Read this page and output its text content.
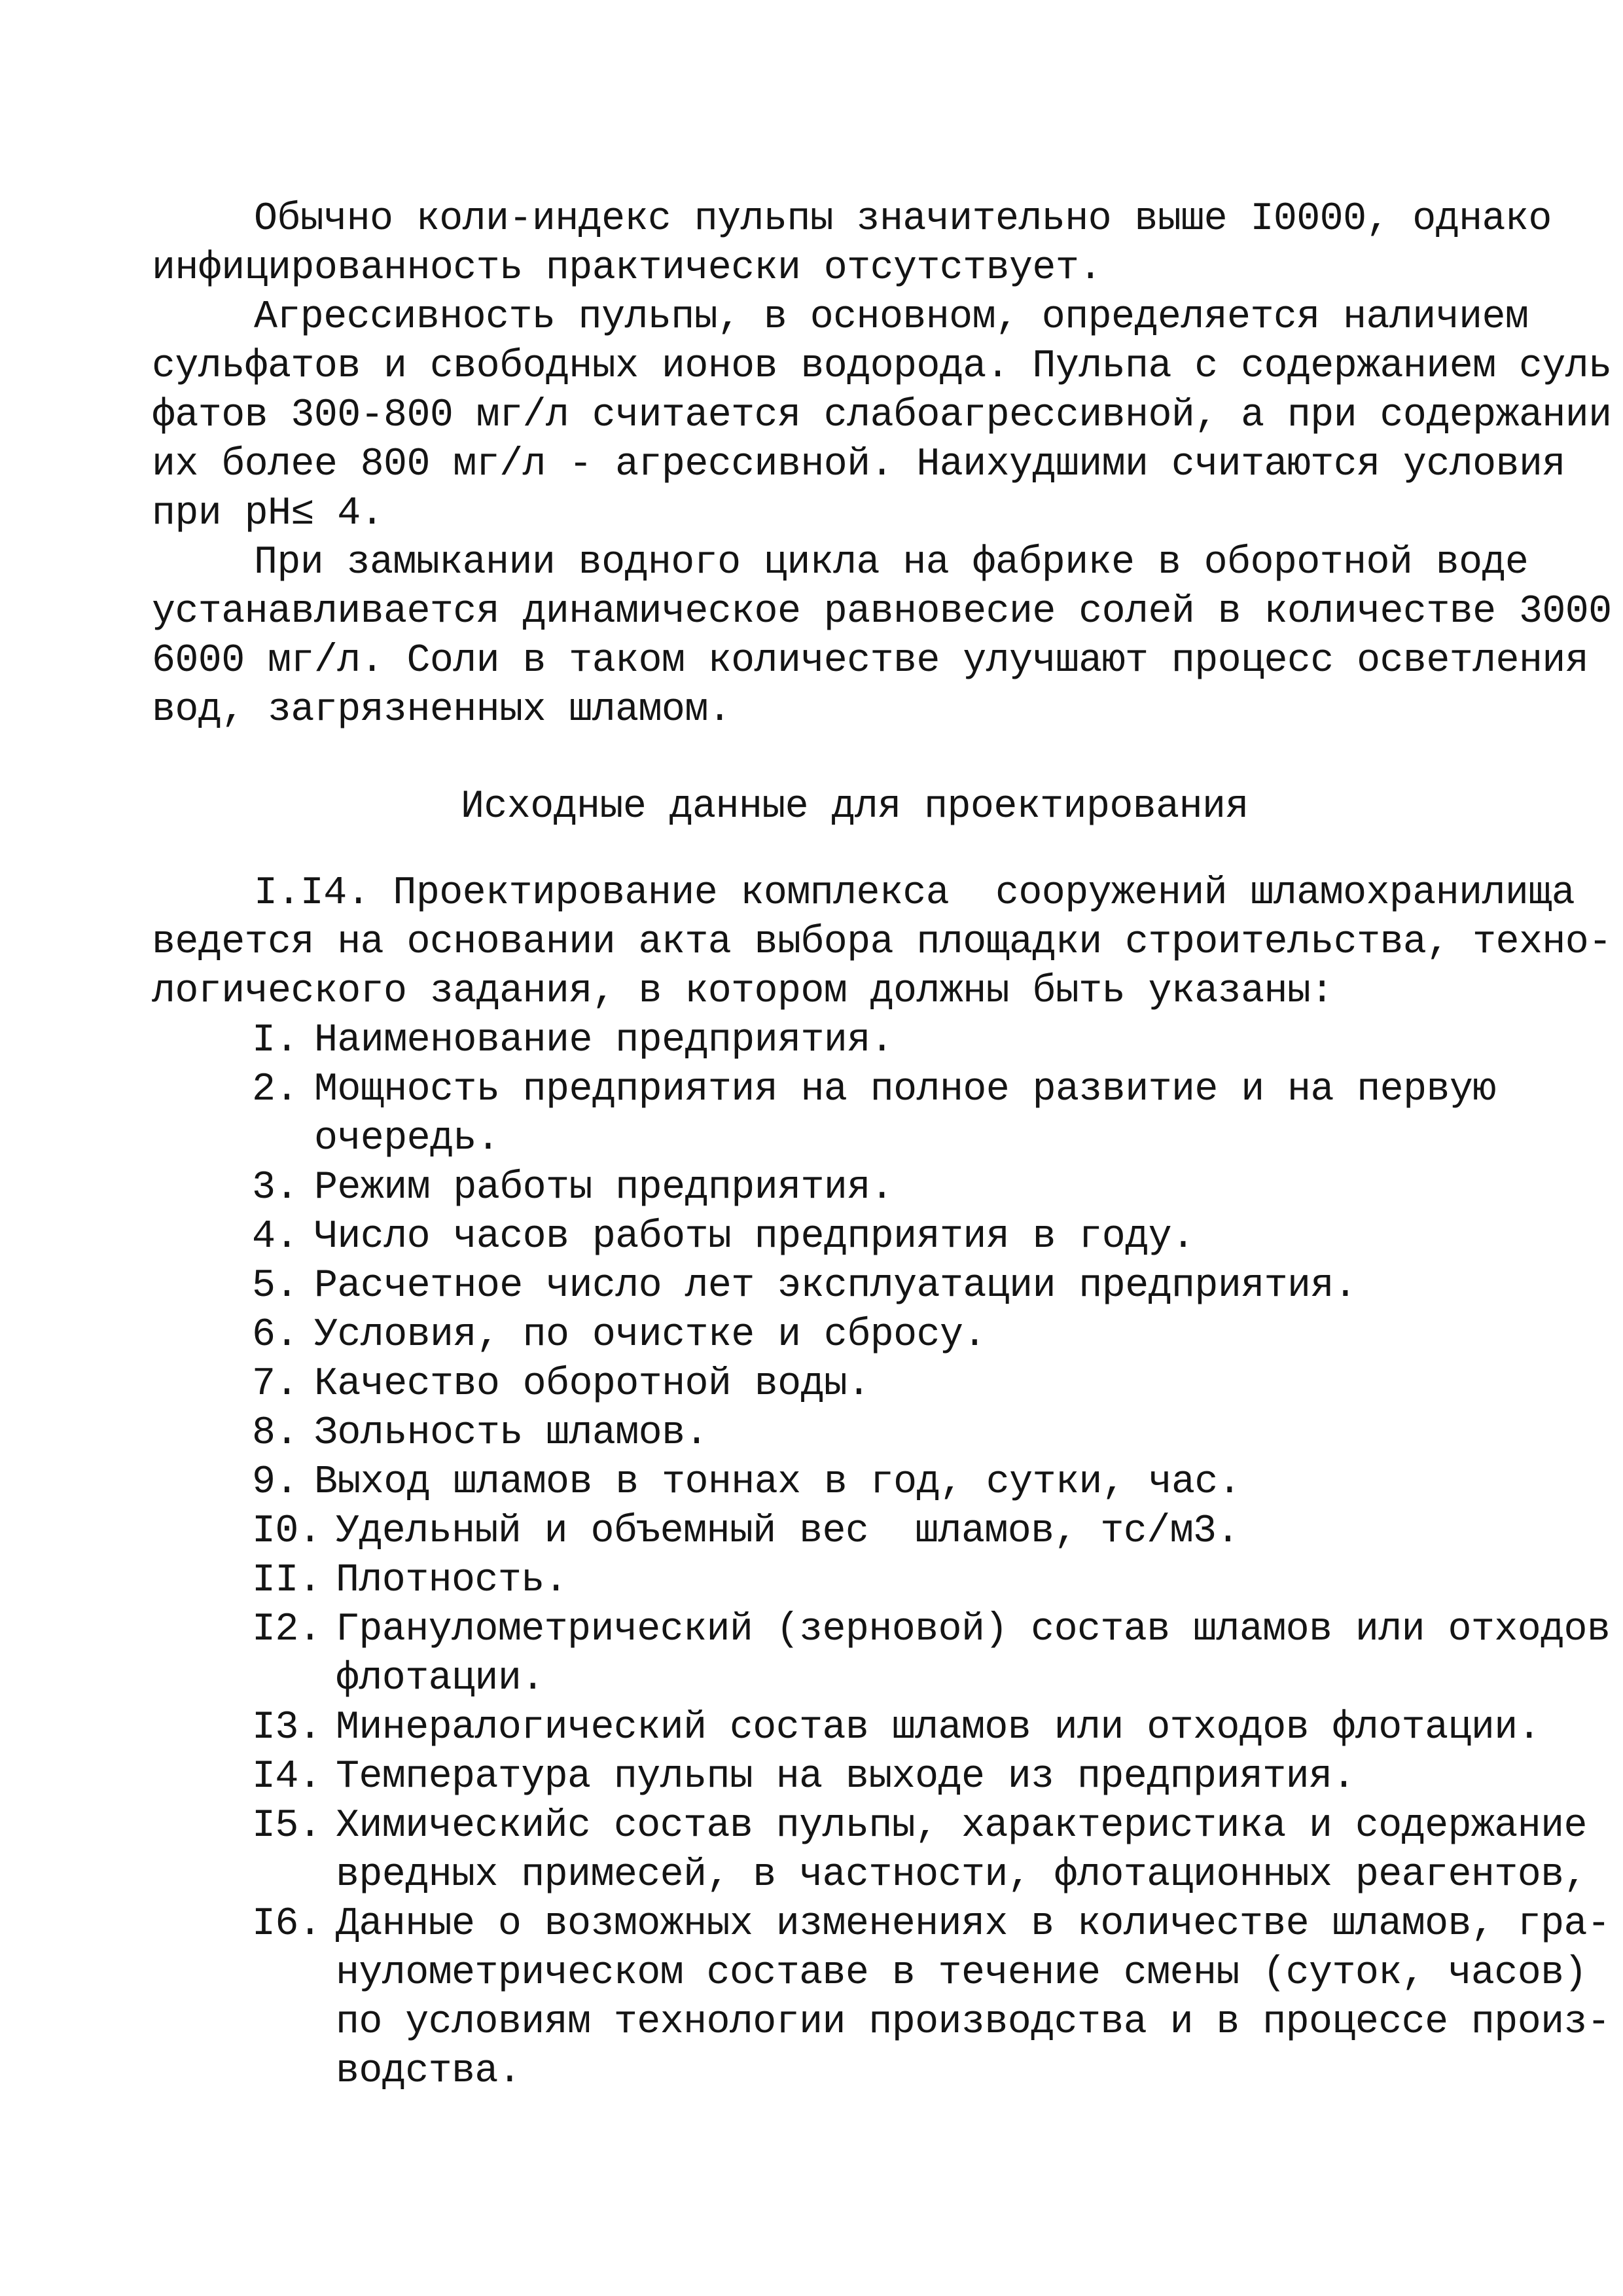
Обычно коли-индекс пульпы значительно выше I0000, однако
инфицированность практически отсутствует.
Агрессивность пульпы, в основном, определяется наличием
сульфатов и свободных ионов водорода. Пульпа с содержанием суль
фатов 300-800 мг/л считается слабоагрессивной, а при содержании
их более 800 мг/л - агрессивной. Наихудшими считаются условия
при pH≤ 4.
При замыкании водного цикла на фабрике в оборотной воде
устанавливается динамическое равновесие солей в количестве 3000
6000 мг/л. Соли в таком количестве улучшают процесс осветления
вод, загрязненных шламом.
Исходные данные для проектирования
I.I4. Проектирование комплекса  сооружений шламохранилища
ведется на основании акта выбора площадки строительства, техно-
логического задания, в котором должны быть указаны:
I. Наименование предприятия.
2. Мощность предприятия на полное развитие и на первую
очередь.
3. Режим работы предприятия.
4. Число часов работы предприятия в году.
5. Расчетное число лет эксплуатации предприятия.
6. Условия, по очистке и сбросу.
7. Качество оборотной воды.
8. Зольность шламов.
9. Выход шламов в тоннах в год, сутки, час.
I0. Удельный и объемный вес  шламов, тс/м3.
II. Плотность.
I2. Гранулометрический (зерновой) состав шламов или отходов
флотации.
I3. Минералогический состав шламов или отходов флотации.
I4. Температура пульпы на выходе из предприятия.
I5. Химическийс состав пульпы, характеристика и содержание
вредных примесей, в частности, флотационных реагентов,
I6. Данные о возможных изменениях в количестве шламов, гра-
нулометрическом составе в течение смены (суток, часов)
по условиям технологии производства и в процессе произ-
водства.
